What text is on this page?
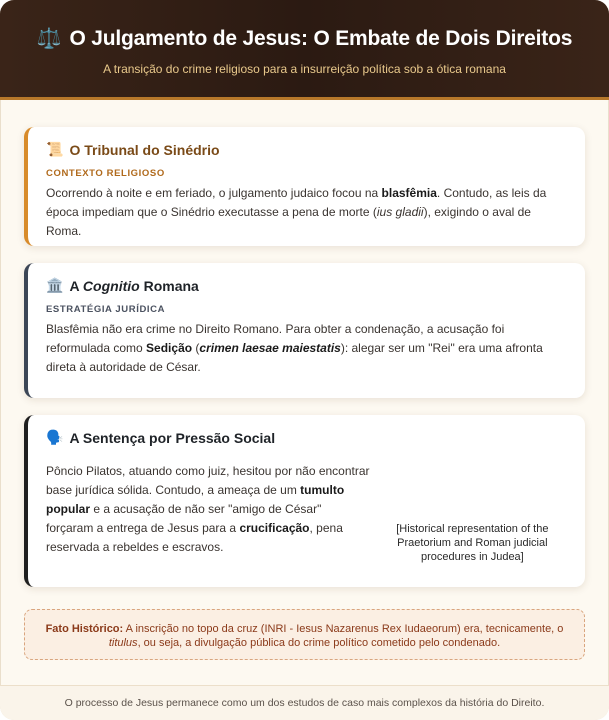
⚖️ O Julgamento de Jesus: O Embate de Dois Direitos
A transição do crime religioso para a insurreição política sob a ótica romana
📜 O Tribunal do Sinédrio
CONTEXTO RELIGIOSO
Ocorrendo à noite e em feriado, o julgamento judaico focou na blasfêmia. Contudo, as leis da época impediam que o Sinédrio executasse a pena de morte (ius gladii), exigindo o aval de Roma.
🏛️ A Cognitio Romana
ESTRATÉGIA JURÍDICA
Blasfêmia não era crime no Direito Romano. Para obter a condenação, a acusação foi reformulada como Sedição (crimen laesae maiestatis): alegar ser um "Rei" era uma afronta direta à autoridade de César.
🗣️ A Sentença por Pressão Social
Pôncio Pilatos, atuando como juiz, hesitou por não encontrar base jurídica sólida. Contudo, a ameaça de um tumulto popular e a acusação de não ser "amigo de César" forçaram a entrega de Jesus para a crucificação, pena reservada a rebeldes e escravos.
[Historical representation of the Praetorium and Roman judicial procedures in Judea]
Fato Histórico: A inscrição no topo da cruz (INRI - Iesus Nazarenus Rex Iudaeorum) era, tecnicamente, o titulus, ou seja, a divulgação pública do crime político cometido pelo condenado.
O processo de Jesus permanece como um dos estudos de caso mais complexos da história do Direito.
